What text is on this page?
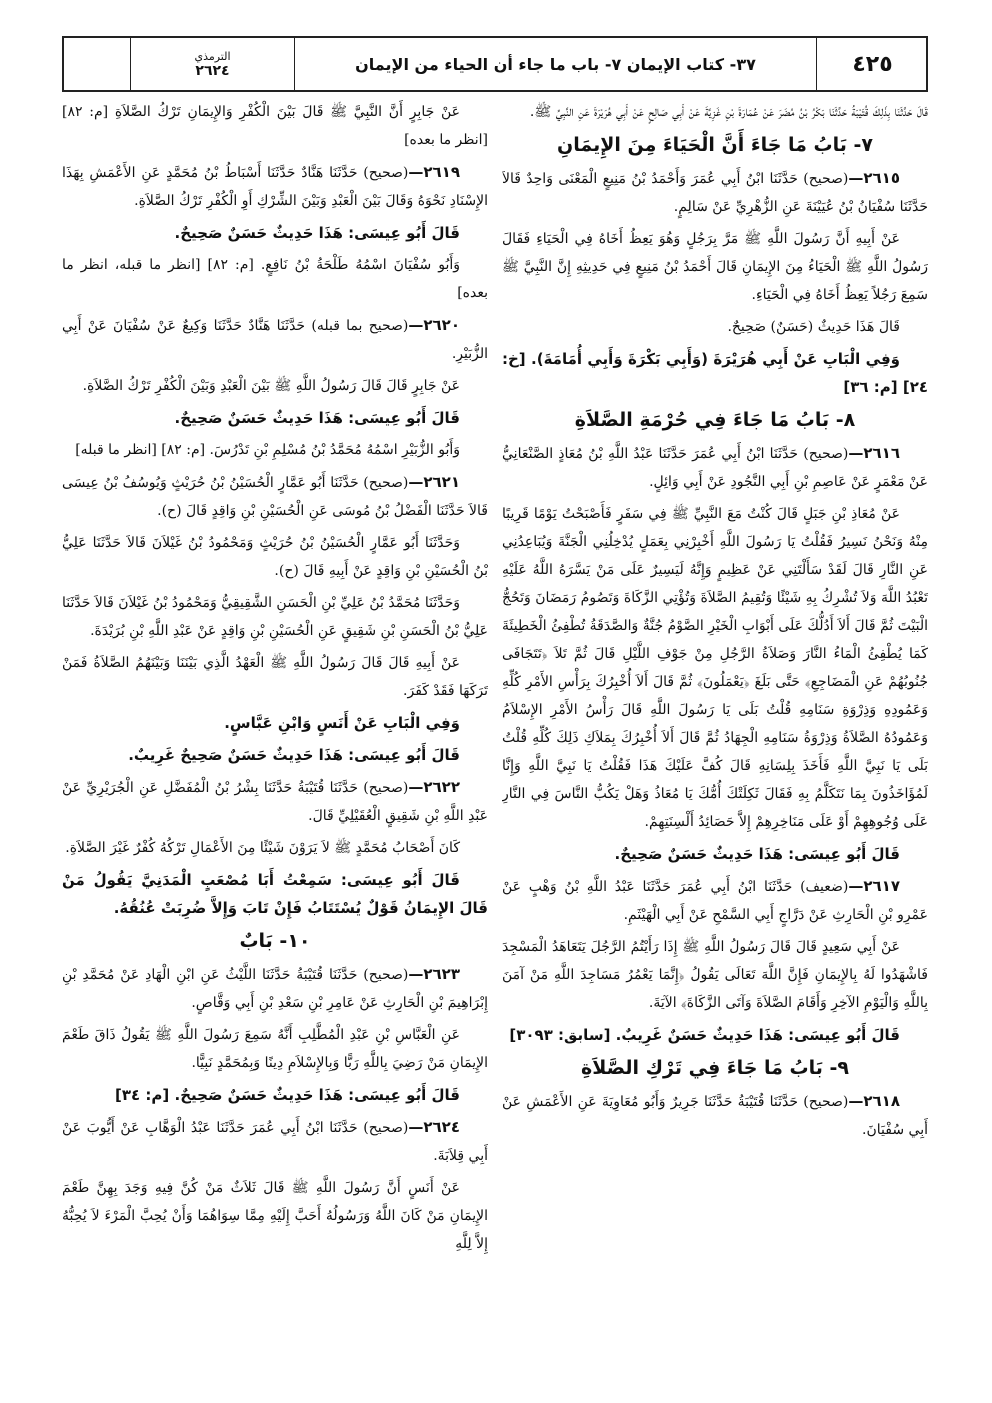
٤٢٥
٣٧- كتاب الإيمان ٧- باب ما جاء أن الحياء من الإيمان
الترمذي
٢٦٢٤

قَالَ حَدَّثَنَا بِذَلِكَ قُتَيْبَةُ حَدَّثَنَا بَكْرُ بْنُ مُضَرَ عَنْ عُمَارَةَ بْنِ غَزِيَّةَ عَنْ أَبِي صَالِحٍ عَنْ أَبِي هُرَيْرَةَ عَنِ النَّبِيِّ ﷺ.

٧- بَابُ مَا جَاءَ أَنَّ الْحَيَاءَ مِنَ الإِيمَانِ

٢٦١٥—(صحيح) حَدَّثَنَا ابْنُ أَبِي عُمَرَ وَأَحْمَدُ بْنُ مَنِيعٍ الْمَعْنَى وَاحِدٌ قَالاَ حَدَّثَنَا سُفْيَانُ بْنُ عُيَيْنَةَ عَنِ الزُّهْرِيِّ عَنْ سَالِمٍ.

عَنْ أَبِيهِ أَنَّ رَسُولَ اللَّهِ ﷺ مَرَّ بِرَجُلٍ وَهُوَ يَعِظُ أَخَاهُ فِي الْحَيَاءِ فَقَالَ رَسُولُ اللَّهِ ﷺ الْحَيَاءُ مِنَ الإِيمَانِ قَالَ أَحْمَدُ بْنُ مَنِيعٍ فِي حَدِيثِهِ إِنَّ النَّبِيَّ ﷺ سَمِعَ رَجُلاً يَعِظُ أَخَاهُ فِي الْحَيَاءِ.

قَالَ هَذَا حَدِيثٌ (حَسَنٌ) صَحِيحٌ.

وَفِي الْبَابِ عَنْ أَبِي هُرَيْرَةَ (وَأَبِي بَكْرَةَ وَأَبِي أُمَامَةَ). [خ: ٢٤] [م: ٣٦]

٨- بَابُ مَا جَاءَ فِي حُرْمَةِ الصَّلاَةِ

٢٦١٦—(صحيح) حَدَّثَنَا ابْنُ أَبِي عُمَرَ حَدَّثَنَا عَبْدُ اللَّهِ بْنُ مُعَاذٍ الصَّنْعَانِيُّ عَنْ مَعْمَرٍ عَنْ عَاصِمِ بْنِ أَبِي النَّجُودِ عَنْ أَبِي وَائِلٍ.

عَنْ مُعَاذِ بْنِ جَبَلٍ قَالَ كُنْتُ مَعَ النَّبِيِّ ﷺ فِي سَفَرٍ فَأَصْبَحْتُ يَوْمًا قَرِيبًا مِنْهُ وَنَحْنُ نَسِيرُ فَقُلْتُ يَا رَسُولَ اللَّهِ أَخْبِرْنِي بِعَمَلٍ يُدْخِلُنِي الْجَنَّةَ وَيُبَاعِدُنِي عَنِ النَّارِ قَالَ لَقَدْ سَأَلْتَنِي عَنْ عَظِيمٍ وَإِنَّهُ لَيَسِيرٌ عَلَى مَنْ يَسَّرَهُ اللَّهُ عَلَيْهِ تَعْبُدُ اللَّهَ وَلاَ تُشْرِكُ بِهِ شَيْئًا وَتُقِيمُ الصَّلاَةَ وَتُؤْتِي الزَّكَاةَ وَتَصُومُ رَمَضَانَ وَتَحُجُّ الْبَيْتَ ثُمَّ قَالَ أَلاَ أَدُلُّكَ عَلَى أَبْوَابِ الْخَيْرِ الصَّوْمُ جُنَّةٌ وَالصَّدَقَةُ تُطْفِئُ الْخَطِيئَةَ كَمَا يُطْفِئُ الْمَاءُ النَّارَ وَصَلاَةُ الرَّجُلِ مِنْ جَوْفِ اللَّيْلِ قَالَ ثُمَّ تَلاَ ﴿تَتَجَافَى جُنُوبُهُمْ عَنِ الْمَضَاجِعِ﴾ حَتَّى بَلَغَ ﴿يَعْمَلُونَ﴾ ثُمَّ قَالَ أَلاَ أُخْبِرُكَ بِرَأْسِ الأَمْرِ كُلِّهِ وَعَمُودِهِ وَذِرْوَةِ سَنَامِهِ قُلْتُ بَلَى يَا رَسُولَ اللَّهِ قَالَ رَأْسُ الأَمْرِ الإِسْلاَمُ وَعَمُودُهُ الصَّلاَةُ وَذِرْوَةُ سَنَامِهِ الْجِهَادُ ثُمَّ قَالَ أَلاَ أُخْبِرُكَ بِمَلاَكِ ذَلِكَ كُلِّهِ قُلْتُ بَلَى يَا نَبِيَّ اللَّهِ فَأَخَذَ بِلِسَانِهِ قَالَ كُفَّ عَلَيْكَ هَذَا فَقُلْتُ يَا نَبِيَّ اللَّهِ وَإِنَّا لَمُؤَاخَذُونَ بِمَا نَتَكَلَّمُ بِهِ فَقَالَ ثَكِلَتْكَ أُمُّكَ يَا مُعَاذُ وَهَلْ يَكُبُّ النَّاسَ فِي النَّارِ عَلَى وُجُوهِهِمْ أَوْ عَلَى مَنَاخِرِهِمْ إِلاَّ حَصَائِدُ أَلْسِنَتِهِمْ.

قَالَ أَبُو عِيسَى: هَذَا حَدِيثٌ حَسَنٌ صَحِيحٌ.

٢٦١٧—(ضعيف) حَدَّثَنَا ابْنُ أَبِي عُمَرَ حَدَّثَنَا عَبْدُ اللَّهِ بْنُ وَهْبٍ عَنْ عَمْرِو بْنِ الْحَارِثِ عَنْ دَرَّاجٍ أَبِي السَّمْحِ عَنْ أَبِي الْهَيْثَمِ.

عَنْ أَبِي سَعِيدٍ قَالَ قَالَ رَسُولُ اللَّهِ ﷺ إِذَا رَأَيْتُمُ الرَّجُلَ يَتَعَاهَدُ الْمَسْجِدَ فَاشْهَدُوا لَهُ بِالإِيمَانِ فَإِنَّ اللَّهَ تَعَالَى يَقُولُ ﴿إِنَّمَا يَعْمُرُ مَسَاجِدَ اللَّهِ مَنْ آمَنَ بِاللَّهِ وَالْيَوْمِ الآخِرِ وَأَقَامَ الصَّلاَةَ وَآتَى الزَّكَاةَ﴾ الآيَةَ.

قَالَ أَبُو عِيسَى: هَذَا حَدِيثٌ حَسَنٌ غَرِيبٌ. [سابق: ٣٠٩٣]

٩- بَابُ مَا جَاءَ فِي تَرْكِ الصَّلاَةِ

٢٦١٨—(صحيح) حَدَّثَنَا قُتَيْبَةُ حَدَّثَنَا جَرِيرٌ وَأَبُو مُعَاوِيَةَ عَنِ الأَعْمَشِ عَنْ أَبِي سُفْيَانَ.

عَنْ جَابِرٍ أَنَّ النَّبِيَّ ﷺ قَالَ بَيْنَ الْكُفْرِ وَالإِيمَانِ تَرْكُ الصَّلاَةِ [م: ٨٢] [انظر ما بعده]

٢٦١٩—(صحيح) حَدَّثَنَا هَنَّادٌ حَدَّثَنَا أَسْبَاطُ بْنُ مُحَمَّدٍ عَنِ الأَعْمَشِ بِهَذَا الإِسْنَادِ نَحْوَهُ وَقَالَ بَيْنَ الْعَبْدِ وَبَيْنَ الشِّرْكِ أَوِ الْكُفْرِ تَرْكُ الصَّلاَةِ.

قَالَ أَبُو عِيسَى: هَذَا حَدِيثٌ حَسَنٌ صَحِيحٌ.

وَأَبُو سُفْيَانَ اسْمُهُ طَلْحَةُ بْنُ نَافِعٍ. [م: ٨٢] [انظر ما قبله، انظر ما بعده]

٢٦٢٠—(صحيح بما قبله) حَدَّثَنَا هَنَّادٌ حَدَّثَنَا وَكِيعٌ عَنْ سُفْيَانَ عَنْ أَبِي الزُّبَيْرِ.

عَنْ جَابِرٍ قَالَ قَالَ رَسُولُ اللَّهِ ﷺ بَيْنَ الْعَبْدِ وَبَيْنَ الْكُفْرِ تَرْكُ الصَّلاَةِ.

قَالَ أَبُو عِيسَى: هَذَا حَدِيثٌ حَسَنٌ صَحِيحٌ.

وَأَبُو الزُّبَيْرِ اسْمُهُ مُحَمَّدُ بْنُ مُسْلِمِ بْنِ تَدْرُسَ. [م: ٨٢] [انظر ما قبله]

٢٦٢١—(صحيح) حَدَّثَنَا أَبُو عَمَّارٍ الْحُسَيْنُ بْنُ حُرَيْثٍ وَيُوسُفُ بْنُ عِيسَى قَالاَ حَدَّثَنَا الْفَضْلُ بْنُ مُوسَى عَنِ الْحُسَيْنِ بْنِ وَاقِدٍ قَالَ (ح).

وَحَدَّثَنَا أَبُو عَمَّارٍ الْحُسَيْنُ بْنُ حُرَيْثٍ وَمَحْمُودُ بْنُ غَيْلاَنَ قَالاَ حَدَّثَنَا عَلِيُّ بْنُ الْحُسَيْنِ بْنِ وَاقِدٍ عَنْ أَبِيهِ قَالَ (ح).

وَحَدَّثَنَا مُحَمَّدُ بْنُ عَلِيِّ بْنِ الْحَسَنِ الشَّقِيقِيُّ وَمَحْمُودُ بْنُ غَيْلاَنَ قَالاَ حَدَّثَنَا عَلِيُّ بْنُ الْحَسَنِ بْنِ شَقِيقٍ عَنِ الْحُسَيْنِ بْنِ وَاقِدٍ عَنْ عَبْدِ اللَّهِ بْنِ بُرَيْدَةَ.

عَنْ أَبِيهِ قَالَ قَالَ رَسُولُ اللَّهِ ﷺ الْعَهْدُ الَّذِي بَيْنَنَا وَبَيْنَهُمُ الصَّلاَةُ فَمَنْ تَرَكَهَا فَقَدْ كَفَرَ.

وَفِي الْبَابِ عَنْ أَنَسٍ وَابْنِ عَبَّاسٍ.

قَالَ أَبُو عِيسَى: هَذَا حَدِيثٌ حَسَنٌ صَحِيحٌ غَرِيبٌ.

٢٦٢٢—(صحيح) حَدَّثَنَا قُتَيْبَةُ حَدَّثَنَا بِشْرُ بْنُ الْمُفَضَّلِ عَنِ الْجُرَيْرِيِّ عَنْ عَبْدِ اللَّهِ بْنِ شَقِيقٍ الْعُقَيْلِيِّ قَالَ.

كَانَ أَصْحَابُ مُحَمَّدٍ ﷺ لاَ يَرَوْنَ شَيْئًا مِنَ الأَعْمَالِ تَرْكُهُ كُفْرٌ غَيْرَ الصَّلاَةِ.

قَالَ أَبُو عِيسَى: سَمِعْتُ أَبَا مُصْعَبٍ الْمَدَنِيَّ يَقُولُ مَنْ قَالَ الإِيمَانُ قَوْلٌ يُسْتَتَابُ فَإِنْ تَابَ وَإِلاَّ ضُرِبَتْ عُنُقُهُ.

١٠- بَابٌ

٢٦٢٣—(صحيح) حَدَّثَنَا قُتَيْبَةُ حَدَّثَنَا اللَّيْثُ عَنِ ابْنِ الْهَادِ عَنْ مُحَمَّدِ بْنِ إِبْرَاهِيمَ بْنِ الْحَارِثِ عَنْ عَامِرِ بْنِ سَعْدِ بْنِ أَبِي وَقَّاصٍ.

عَنِ الْعَبَّاسِ بْنِ عَبْدِ الْمُطَّلِبِ أَنَّهُ سَمِعَ رَسُولَ اللَّهِ ﷺ يَقُولُ ذَاقَ طَعْمَ الإِيمَانِ مَنْ رَضِيَ بِاللَّهِ رَبًّا وَبِالإِسْلاَمِ دِينًا وَبِمُحَمَّدٍ نَبِيًّا.

قَالَ أَبُو عِيسَى: هَذَا حَدِيثٌ حَسَنٌ صَحِيحٌ. [م: ٣٤]

٢٦٢٤—(صحيح) حَدَّثَنَا ابْنُ أَبِي عُمَرَ حَدَّثَنَا عَبْدُ الْوَهَّابِ عَنْ أَيُّوبَ عَنْ أَبِي قِلاَبَةَ.

عَنْ أَنَسٍ أَنَّ رَسُولَ اللَّهِ ﷺ قَالَ ثَلاَثٌ مَنْ كُنَّ فِيهِ وَجَدَ بِهِنَّ طَعْمَ الإِيمَانِ مَنْ كَانَ اللَّهُ وَرَسُولُهُ أَحَبَّ إِلَيْهِ مِمَّا سِوَاهُمَا وَأَنْ يُحِبَّ الْمَرْءَ لاَ يُحِبُّهُ إِلاَّ لِلَّهِ
